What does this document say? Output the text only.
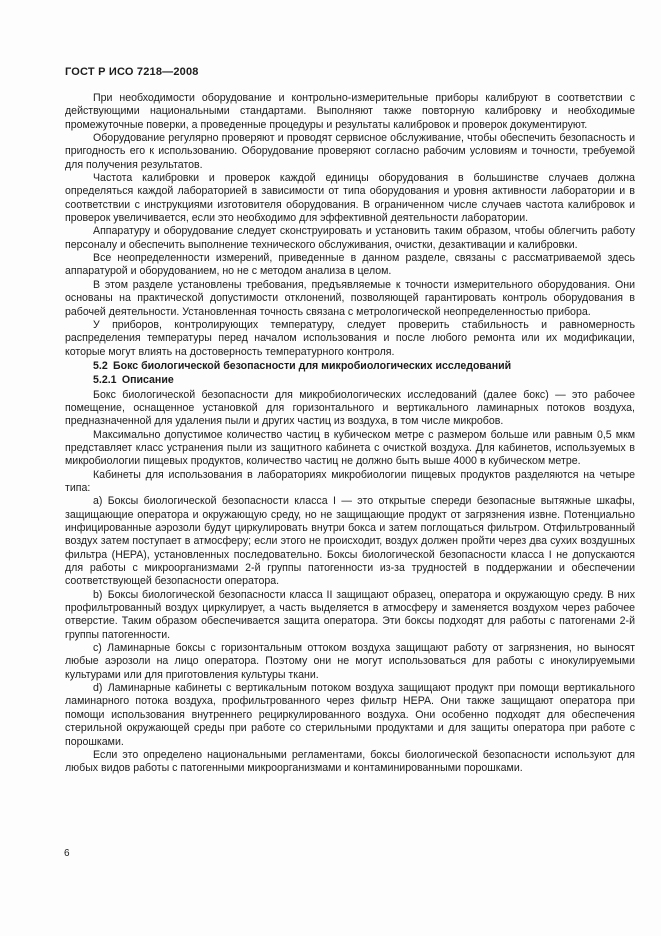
ГОСТ Р ИСО 7218—2008

При необходимости оборудование и контрольно-измерительные приборы калибруют в соответствии с действующими национальными стандартами. Выполняют также повторную калибровку и необходимые промежуточные поверки, а проведенные процедуры и результаты калибровок и проверок документируют.

Оборудование регулярно проверяют и проводят сервисное обслуживание, чтобы обеспечить безопасность и пригодность его к использованию. Оборудование проверяют согласно рабочим условиям и точности, требуемой для получения результатов.

Частота калибровки и проверок каждой единицы оборудования в большинстве случаев должна определяться каждой лабораторией в зависимости от типа оборудования и уровня активности лаборатории и в соответствии с инструкциями изготовителя оборудования. В ограниченном числе случаев частота калибровок и проверок увеличивается, если это необходимо для эффективной деятельности лаборатории.

Аппаратуру и оборудование следует сконструировать и установить таким образом, чтобы облегчить работу персоналу и обеспечить выполнение технического обслуживания, очистки, дезактивации и калибровки.

Все неопределенности измерений, приведенные в данном разделе, связаны с рассматриваемой здесь аппаратурой и оборудованием, но не с методом анализа в целом.

В этом разделе установлены требования, предъявляемые к точности измерительного оборудования. Они основаны на практической допустимости отклонений, позволяющей гарантировать контроль оборудования в рабочей деятельности. Установленная точность связана с метрологической неопределенностью прибора.

У приборов, контролирующих температуру, следует проверить стабильность и равномерность распределения температуры перед началом использования и после любого ремонта или их модификации, которые могут влиять на достоверность температурного контроля.

5.2 Бокс биологической безопасности для микробиологических исследований

5.2.1 Описание

Бокс биологической безопасности для микробиологических исследований (далее бокс) — это рабочее помещение, оснащенное установкой для горизонтального и вертикального ламинарных потоков воздуха, предназначенной для удаления пыли и других частиц из воздуха, в том числе микробов.

Максимально допустимое количество частиц в кубическом метре с размером больше или равным 0,5 мкм представляет класс устранения пыли из защитного кабинета с очисткой воздуха. Для кабинетов, используемых в микробиологии пищевых продуктов, количество частиц не должно быть выше 4000 в кубическом метре.

Кабинеты для использования в лабораториях микробиологии пищевых продуктов разделяются на четыре типа:

a) Боксы биологической безопасности класса I — это открытые спереди безопасные вытяжные шкафы, защищающие оператора и окружающую среду, но не защищающие продукт от загрязнения извне. Потенциально инфицированные аэрозоли будут циркулировать внутри бокса и затем поглощаться фильтром. Отфильтрованный воздух затем поступает в атмосферу; если этого не происходит, воздух должен пройти через два сухих воздушных фильтра (HEPA), установленных последовательно. Боксы биологической безопасности класса I не допускаются для работы с микроорганизмами 2-й группы патогенности из-за трудностей в поддержании и обеспечении соответствующей безопасности оператора.

b) Боксы биологической безопасности класса II защищают образец, оператора и окружающую среду. В них профильтрованный воздух циркулирует, а часть выделяется в атмосферу и заменяется воздухом через рабочее отверстие. Таким образом обеспечивается защита оператора. Эти боксы подходят для работы с патогенами 2-й группы патогенности.

c) Ламинарные боксы с горизонтальным оттоком воздуха защищают работу от загрязнения, но выносят любые аэрозоли на лицо оператора. Поэтому они не могут использоваться для работы с инокулируемыми культурами или для приготовления культуры ткани.

d) Ламинарные кабинеты с вертикальным потоком воздуха защищают продукт при помощи вертикального ламинарного потока воздуха, профильтрованного через фильтр HEPA. Они также защищают оператора при помощи использования внутреннего рециркулированного воздуха. Они особенно подходят для обеспечения стерильной окружающей среды при работе со стерильными продуктами и для защиты оператора при работе с порошками.

Если это определено национальными регламентами, боксы биологической безопасности используют для любых видов работы с патогенными микроорганизмами и контаминированными порошками.

6
